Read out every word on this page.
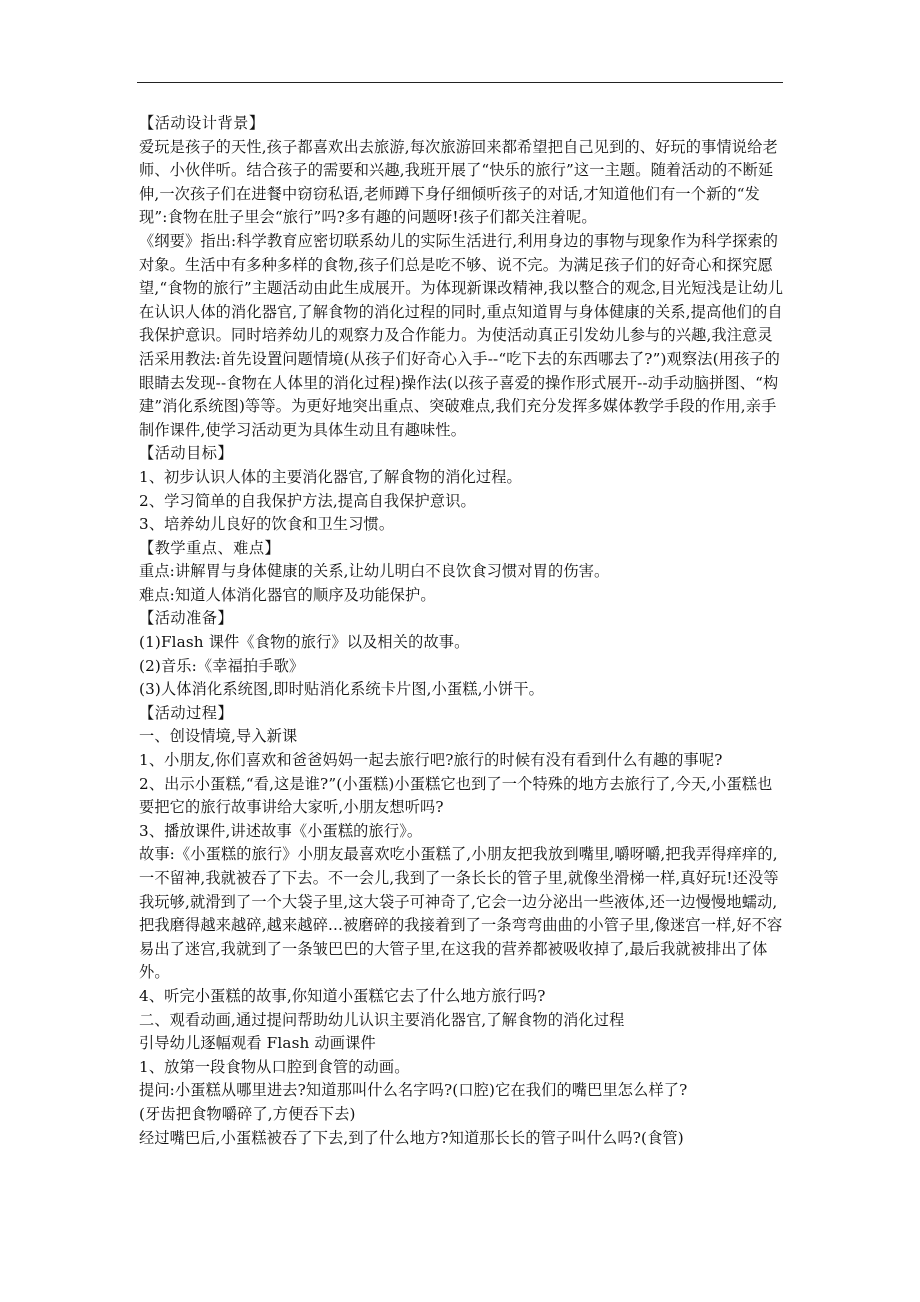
【活动设计背景】

爱玩是孩子的天性,孩子都喜欢出去旅游,每次旅游回来都希望把自己见到的、好玩的事情说给老师、小伙伴听。结合孩子的需要和兴趣,我班开展了“快乐的旅行”这一主题。随着活动的不断延伸,一次孩子们在进餐中窃窃私语,老师蹲下身仔细倾听孩子的对话,才知道他们有一个新的“发现”:食物在肚子里会“旅行”吗?多有趣的问题呀!孩子们都关注着呢。

《纲要》指出:科学教育应密切联系幼儿的实际生活进行,利用身边的事物与现象作为科学探索的对象。生活中有多种多样的食物,孩子们总是吃不够、说不完。为满足孩子们的好奇心和探究愿望,“食物的旅行”主题活动由此生成展开。为体现新课改精神,我以整合的观念,目光短浅是让幼儿在认识人体的消化器官,了解食物的消化过程的同时,重点知道胃与身体健康的关系,提高他们的自我保护意识。同时培养幼儿的观察力及合作能力。为使活动真正引发幼儿参与的兴趣,我注意灵活采用教法:首先设置问题情境(从孩子们好奇心入手--“吃下去的东西哪去了?”)观察法(用孩子的眼睛去发现--食物在人体里的消化过程)操作法(以孩子喜爱的操作形式展开--动手动脑拼图、“构建”消化系统图)等等。为更好地突出重点、突破难点,我们充分发挥多媒体教学手段的作用,亲手制作课件,使学习活动更为具体生动且有趣味性。

【活动目标】

1、初步认识人体的主要消化器官,了解食物的消化过程。

2、学习简单的自我保护方法,提高自我保护意识。

3、培养幼儿良好的饮食和卫生习惯。

【教学重点、难点】

重点:讲解胃与身体健康的关系,让幼儿明白不良饮食习惯对胃的伤害。

难点:知道人体消化器官的顺序及功能保护。

【活动准备】

(1)Flash 课件《食物的旅行》以及相关的故事。

(2)音乐:《幸福拍手歌》

(3)人体消化系统图,即时贴消化系统卡片图,小蛋糕,小饼干。

【活动过程】

一、创设情境,导入新课

1、小朋友,你们喜欢和爸爸妈妈一起去旅行吧?旅行的时候有没有看到什么有趣的事呢?

2、出示小蛋糕,“看,这是谁?”(小蛋糕)小蛋糕它也到了一个特殊的地方去旅行了,今天,小蛋糕也要把它的旅行故事讲给大家听,小朋友想听吗?

3、播放课件,讲述故事《小蛋糕的旅行》。

故事:《小蛋糕的旅行》小朋友最喜欢吃小蛋糕了,小朋友把我放到嘴里,嚼呀嚼,把我弄得痒痒的,一不留神,我就被吞了下去。不一会儿,我到了一条长长的管子里,就像坐滑梯一样,真好玩!还没等我玩够,就滑到了一个大袋子里,这大袋子可神奇了,它会一边分泌出一些液体,还一边慢慢地蠕动,把我磨得越来越碎,越来越碎...被磨碎的我接着到了一条弯弯曲曲的小管子里,像迷宫一样,好不容易出了迷宫,我就到了一条皱巴巴的大管子里,在这我的营养都被吸收掉了,最后我就被排出了体外。

4、听完小蛋糕的故事,你知道小蛋糕它去了什么地方旅行吗?

二、观看动画,通过提问帮助幼儿认识主要消化器官,了解食物的消化过程

引导幼儿逐幅观看 Flash 动画课件

1、放第一段食物从口腔到食管的动画。

提问:小蛋糕从哪里进去?知道那叫什么名字吗?(口腔)它在我们的嘴巴里怎么样了?

(牙齿把食物嚼碎了,方便吞下去)

经过嘴巴后,小蛋糕被吞了下去,到了什么地方?知道那长长的管子叫什么吗?(食管)
